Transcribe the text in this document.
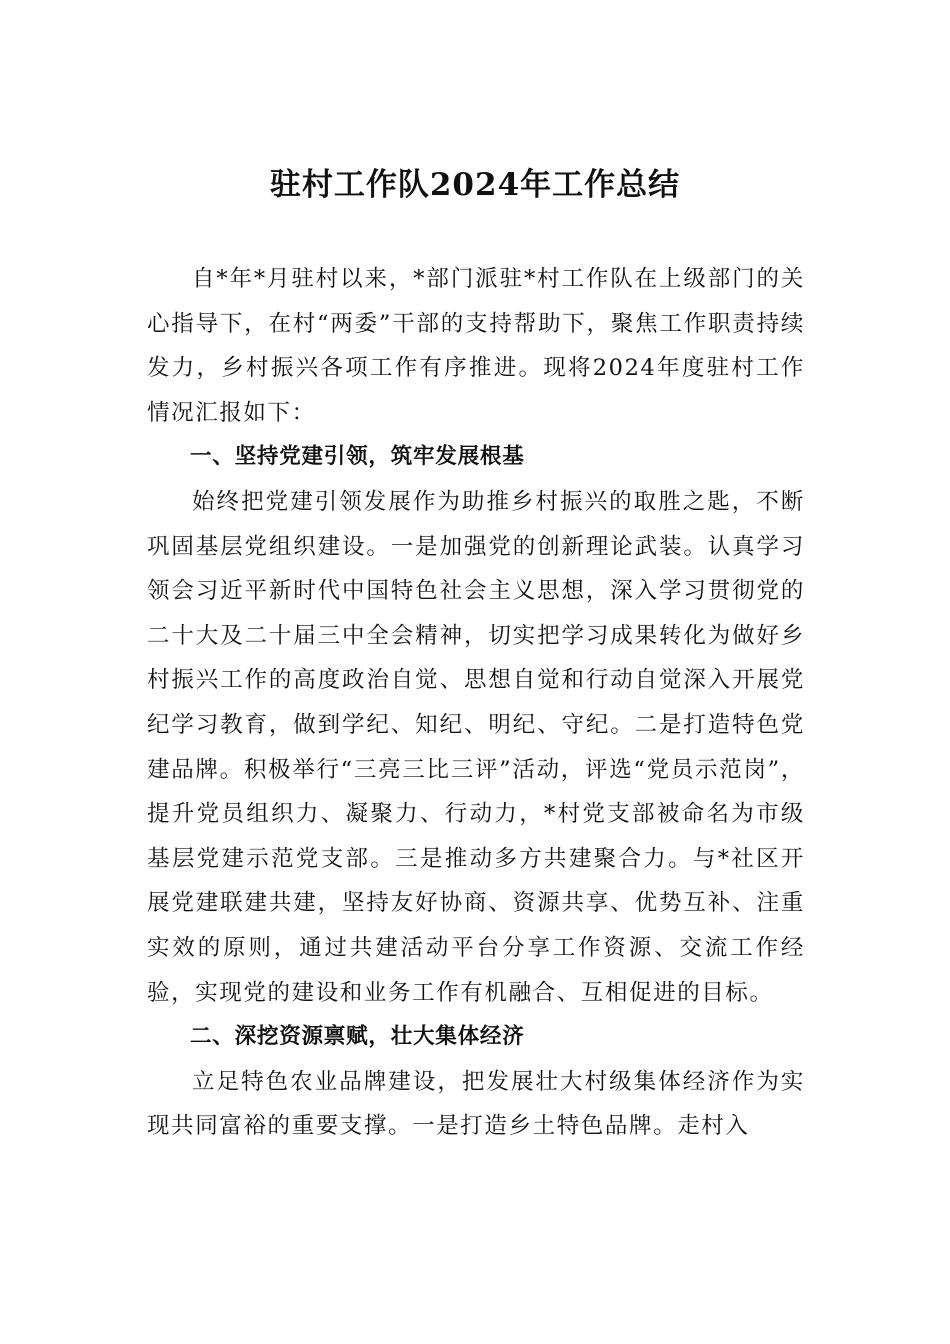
驻村工作队2024年工作总结

自*年*月驻村以来，*部门派驻*村工作队在上级部门的关心指导下，在村“两委”干部的支持帮助下，聚焦工作职责持续发力，乡村振兴各项工作有序推进。现将2024年度驻村工作情况汇报如下：

一、坚持党建引领，筑牢发展根基

始终把党建引领发展作为助推乡村振兴的取胜之匙，不断巩固基层党组织建设。一是加强党的创新理论武装。认真学习领会习近平新时代中国特色社会主义思想，深入学习贯彻党的二十大及二十届三中全会精神，切实把学习成果转化为做好乡村振兴工作的高度政治自觉、思想自觉和行动自觉深入开展党纪学习教育，做到学纪、知纪、明纪、守纪。二是打造特色党建品牌。积极举行“三亮三比三评”活动，评选“党员示范岗”，提升党员组织力、凝聚力、行动力，*村党支部被命名为市级基层党建示范党支部。三是推动多方共建聚合力。与*社区开展党建联建共建，坚持友好协商、资源共享、优势互补、注重实效的原则，通过共建活动平台分享工作资源、交流工作经验，实现党的建设和业务工作有机融合、互相促进的目标。

二、深挖资源禀赋，壮大集体经济

立足特色农业品牌建设，把发展壮大村级集体经济作为实现共同富裕的重要支撑。一是打造乡土特色品牌。走村入
